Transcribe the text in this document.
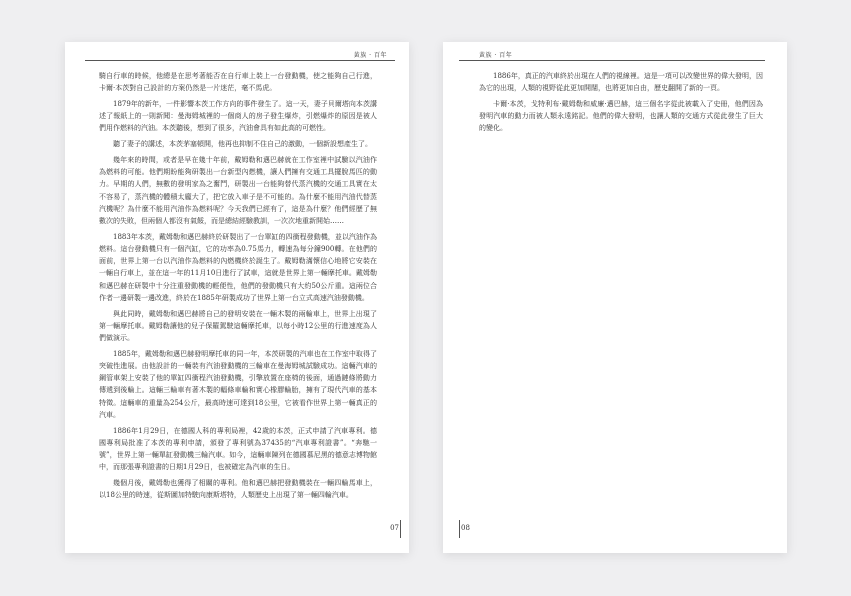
黃族 · 百年

騎自行車的時候，他總是在思考著能否在自行車上裝上一台發動機，使之能夠自己行進，卡爾·本茨對自己設計的方案仍然是一片迷茫，毫不馬虎。

1879年的新年，一件影響本茨工作方向的事件發生了。這一天，妻子貝爾塔向本茨講述了報紙上的一則新聞：曼海姆城裡的一個商人的房子發生爆炸，引燃爆炸的原因是被人們用作燃料的汽油。本茨聽後，想到了很多，汽油會具有如此高的可燃性。

聽了妻子的講述，本茨茅塞頓開，他再也抑制不住自己的激動，一個新設想產生了。

幾年來的時間，或者是早在幾十年前，戴姆勒和邁巴赫就在工作室裡中試驗以汽油作為燃料的可能。他們期盼能夠研製出一台新型內燃機，讓人們擁有交通工具擺脫馬匹的動力。早期的人們，無數的發明家為之奮鬥，研製出一台能夠替代蒸汽機的交通工具實在太不容易了，蒸汽機的體積太龐大了，把它放入車子是不可能的。為什麼不能用汽油代替蒸汽機呢？為什麼不能用汽油作為燃料呢？今天我們已經有了，這是為什麼？他們經歷了無數次的失敗，但兩個人都沒有氣餒，而是總結經驗教訓，一次次地重新開始……

1883年本茨，戴姆勒和邁巴赫終於研製出了一台單缸的四衝程發動機，並以汽油作為燃料。這台發動機只有一個汽缸，它的功率為0.75馬力，轉速為每分鐘900轉。在他們的面前，世界上第一台以汽油作為燃料的內燃機終於誕生了。戴姆勒滿懷信心地將它安裝在一輛自行車上，並在這一年的11月10日進行了試車，這就是世界上第一輛摩托車。戴姆勒和邁巴赫在研製中十分注重發動機的輕便性，他們的發動機只有大約50公斤重。這兩位合作者一邊研製一邊改進，終於在1885年研製成功了世界上第一台立式高速汽油發動機。

與此同時，戴姆勒和邁巴赫將自己的發明安裝在一輛木製的兩輪車上，世界上出現了第一輛摩托車。戴姆勒讓他的兒子保羅駕駛這輛摩托車，以每小時12公里的行進速度為人們做演示。

1885年，戴姆勒和邁巴赫發明摩托車的同一年，本茨研製的汽車也在工作室中取得了突破性進展。由他設計的一輛裝有汽油發動機的三輪車在曼海姆城試驗成功。這輛汽車的鋼管車架上安裝了他的單缸四衝程汽油發動機，引擎放置在座椅的後面，通過鏈條將動力傳遞到後輪上。這輛三輪車有著木製的輻條車輪和實心橡膠輪胎，擁有了現代汽車的基本特徵。這輛車的重量為254公斤，最高時速可達到18公里，它被看作世界上第一輛真正的汽車。

1886年1月29日，在德國人科的專利局裡，42歲的本茨，正式申請了汽車專利。德國專利局批准了本茨的專利申請，頒發了專利號為37435的“汽車專利證書”。“奔馳一號”，世界上第一輛單缸發動機三輪汽車。如今，這輛車陳列在德國慕尼黑的德意志博物館中，而那張專利證書的日期1月29日，也被確定為汽車的生日。

幾個月後，戴姆勒也獲得了相關的專利。他和邁巴赫把發動機裝在一輛四輪馬車上，以18公里的時速，從斯圖加特駛向康斯塔特，人類歷史上出現了第一輛四輪汽車。

07
黃族 · 百年

1886年，真正的汽車終於出現在人們的視線裡。這是一項可以改變世界的偉大發明，因為它的出現，人類的視野從此更加開闊，也將更加自由，歷史翻開了新的一頁。

卡爾·本茨，戈特利布·戴姆勒和威廉·邁巴赫，這三個名字從此被載入了史冊，他們因為發明汽車的動力而被人類永遠銘記。他們的偉大發明，也讓人類的交通方式從此發生了巨大的變化。

08
